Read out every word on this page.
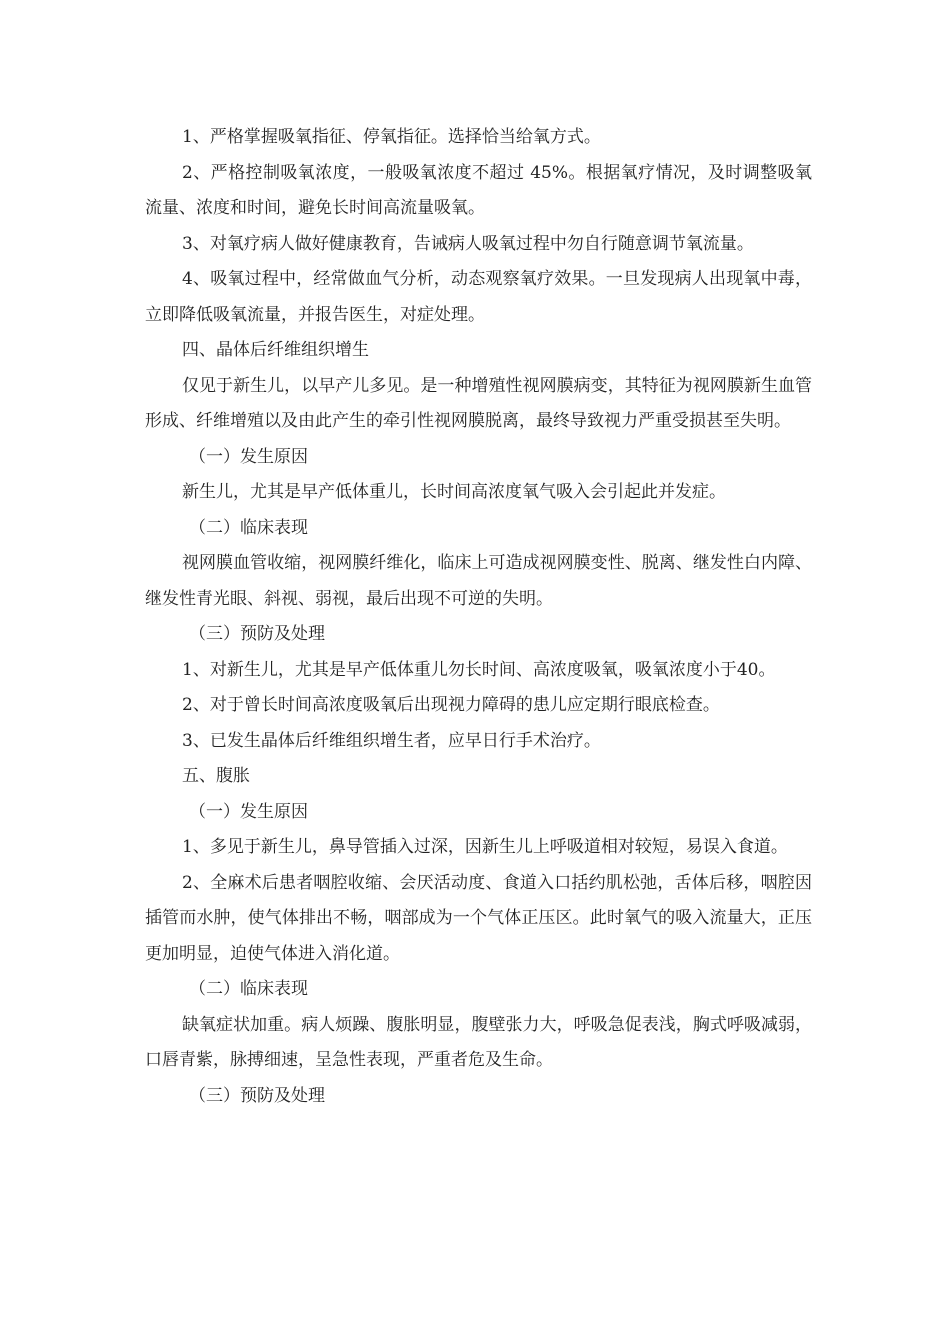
1、严格掌握吸氧指征、停氧指征。选择恰当给氧方式。

2、严格控制吸氧浓度，一般吸氧浓度不超过 45%。根据氧疗情况，及时调整吸氧流量、浓度和时间，避免长时间高流量吸氧。

3、对氧疗病人做好健康教育，告诫病人吸氧过程中勿自行随意调节氧流量。

4、吸氧过程中，经常做血气分析，动态观察氧疗效果。一旦发现病人出现氧中毒，立即降低吸氧流量，并报告医生，对症处理。

四、晶体后纤维组织增生

仅见于新生儿，以早产儿多见。是一种增殖性视网膜病变，其特征为视网膜新生血管形成、纤维增殖以及由此产生的牵引性视网膜脱离，最终导致视力严重受损甚至失明。

（一）发生原因

新生儿，尤其是早产低体重儿，长时间高浓度氧气吸入会引起此并发症。

（二）临床表现

视网膜血管收缩，视网膜纤维化，临床上可造成视网膜变性、脱离、继发性白内障、继发性青光眼、斜视、弱视，最后出现不可逆的失明。

（三）预防及处理

1、对新生儿，尤其是早产低体重儿勿长时间、高浓度吸氧，吸氧浓度小于40。

2、对于曾长时间高浓度吸氧后出现视力障碍的患儿应定期行眼底检查。

3、已发生晶体后纤维组织增生者，应早日行手术治疗。

五、腹胀

（一）发生原因

1、多见于新生儿，鼻导管插入过深，因新生儿上呼吸道相对较短，易误入食道。

2、全麻术后患者咽腔收缩、会厌活动度、食道入口括约肌松弛，舌体后移，咽腔因插管而水肿，使气体排出不畅，咽部成为一个气体正压区。此时氧气的吸入流量大，正压更加明显，迫使气体进入消化道。

（二）临床表现

缺氧症状加重。病人烦躁、腹胀明显，腹壁张力大，呼吸急促表浅，胸式呼吸减弱，口唇青紫，脉搏细速，呈急性表现，严重者危及生命。

（三）预防及处理
